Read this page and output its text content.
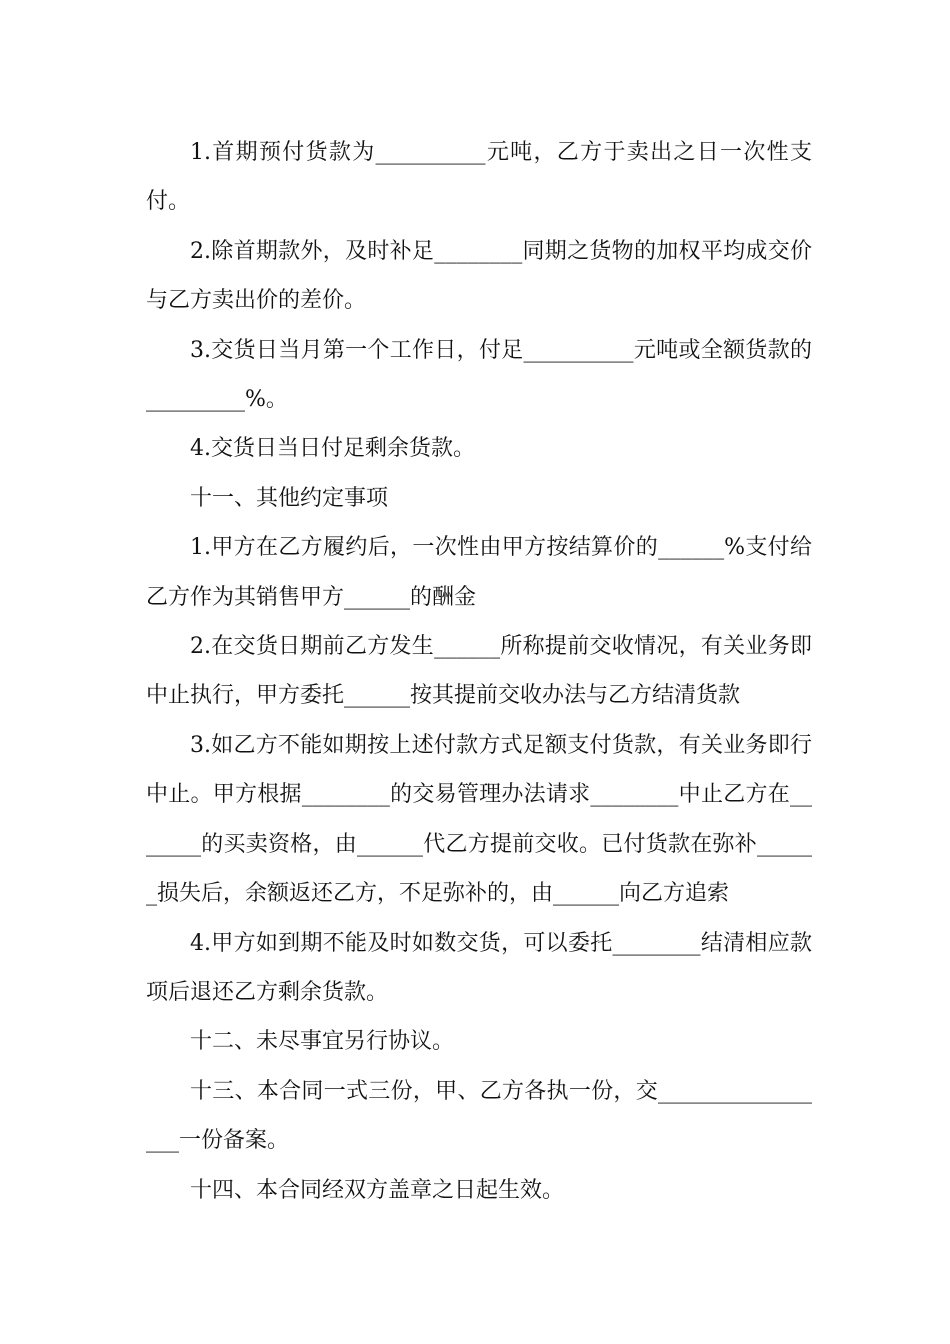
1.首期预付货款为__________元吨，乙方于卖出之日一次性支付。

2.除首期款外，及时补足________同期之货物的加权平均成交价与乙方卖出价的差价。

3.交货日当月第一个工作日，付足__________元吨或全额货款的_________%。

4.交货日当日付足剩余货款。

十一、其他约定事项

1.甲方在乙方履约后，一次性由甲方按结算价的______%支付给乙方作为其销售甲方______的酬金

2.在交货日期前乙方发生______所称提前交收情况，有关业务即中止执行，甲方委托______按其提前交收办法与乙方结清货款

3.如乙方不能如期按上述付款方式足额支付货款，有关业务即行中止。甲方根据________的交易管理办法请求________中止乙方在_______的买卖资格，由______代乙方提前交收。已付货款在弥补______损失后，余额返还乙方，不足弥补的，由______向乙方追索

4.甲方如到期不能及时如数交货，可以委托________结清相应款项后退还乙方剩余货款。

十二、未尽事宜另行协议。

十三、本合同一式三份，甲、乙方各执一份，交_________________一份备案。

十四、本合同经双方盖章之日起生效。
